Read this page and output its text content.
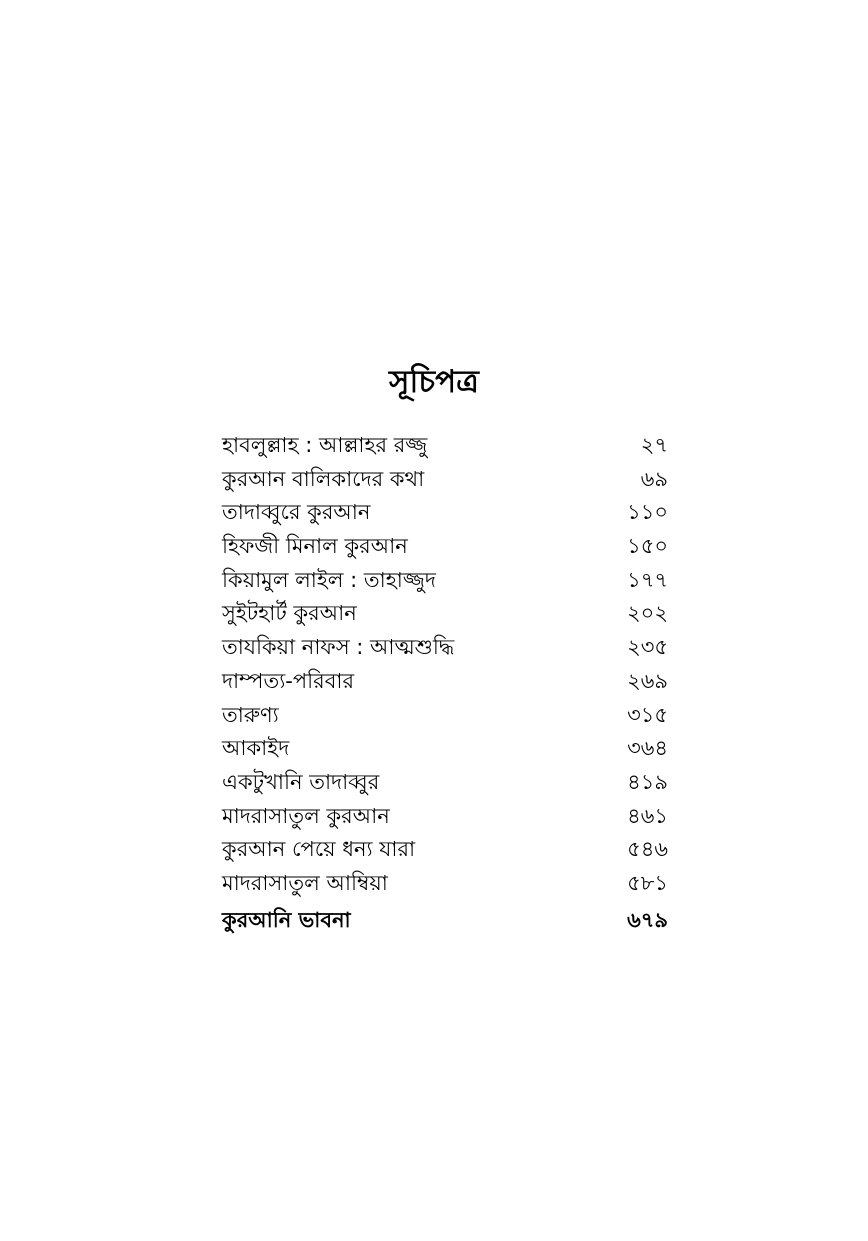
সূচিপত্র
হাবলুল্লাহ : আল্লাহর রজ্জু	২৭
কুরআন বালিকাদের কথা	৬৯
তাদাব্বুরে কুরআন	১১০
হিফজী মিনাল কুরআন	১৫০
কিয়ামুল লাইল : তাহাজ্জুদ	১৭৭
সুইটহার্ট কুরআন	২০২
তাযকিয়া নাফস : আত্মশুদ্ধি	২৩৫
দাম্পত্য-পরিবার	২৬৯
তারুণ্য	৩১৫
আকাইদ	৩৬৪
একটুখানি তাদাব্বুর	৪১৯
মাদরাসাতুল কুরআন	৪৬১
কুরআন পেয়ে ধন্য যারা	৫৪৬
মাদরাসাতুল আম্বিয়া	৫৮১
কুরআনি ভাবনা	৬৭৯
